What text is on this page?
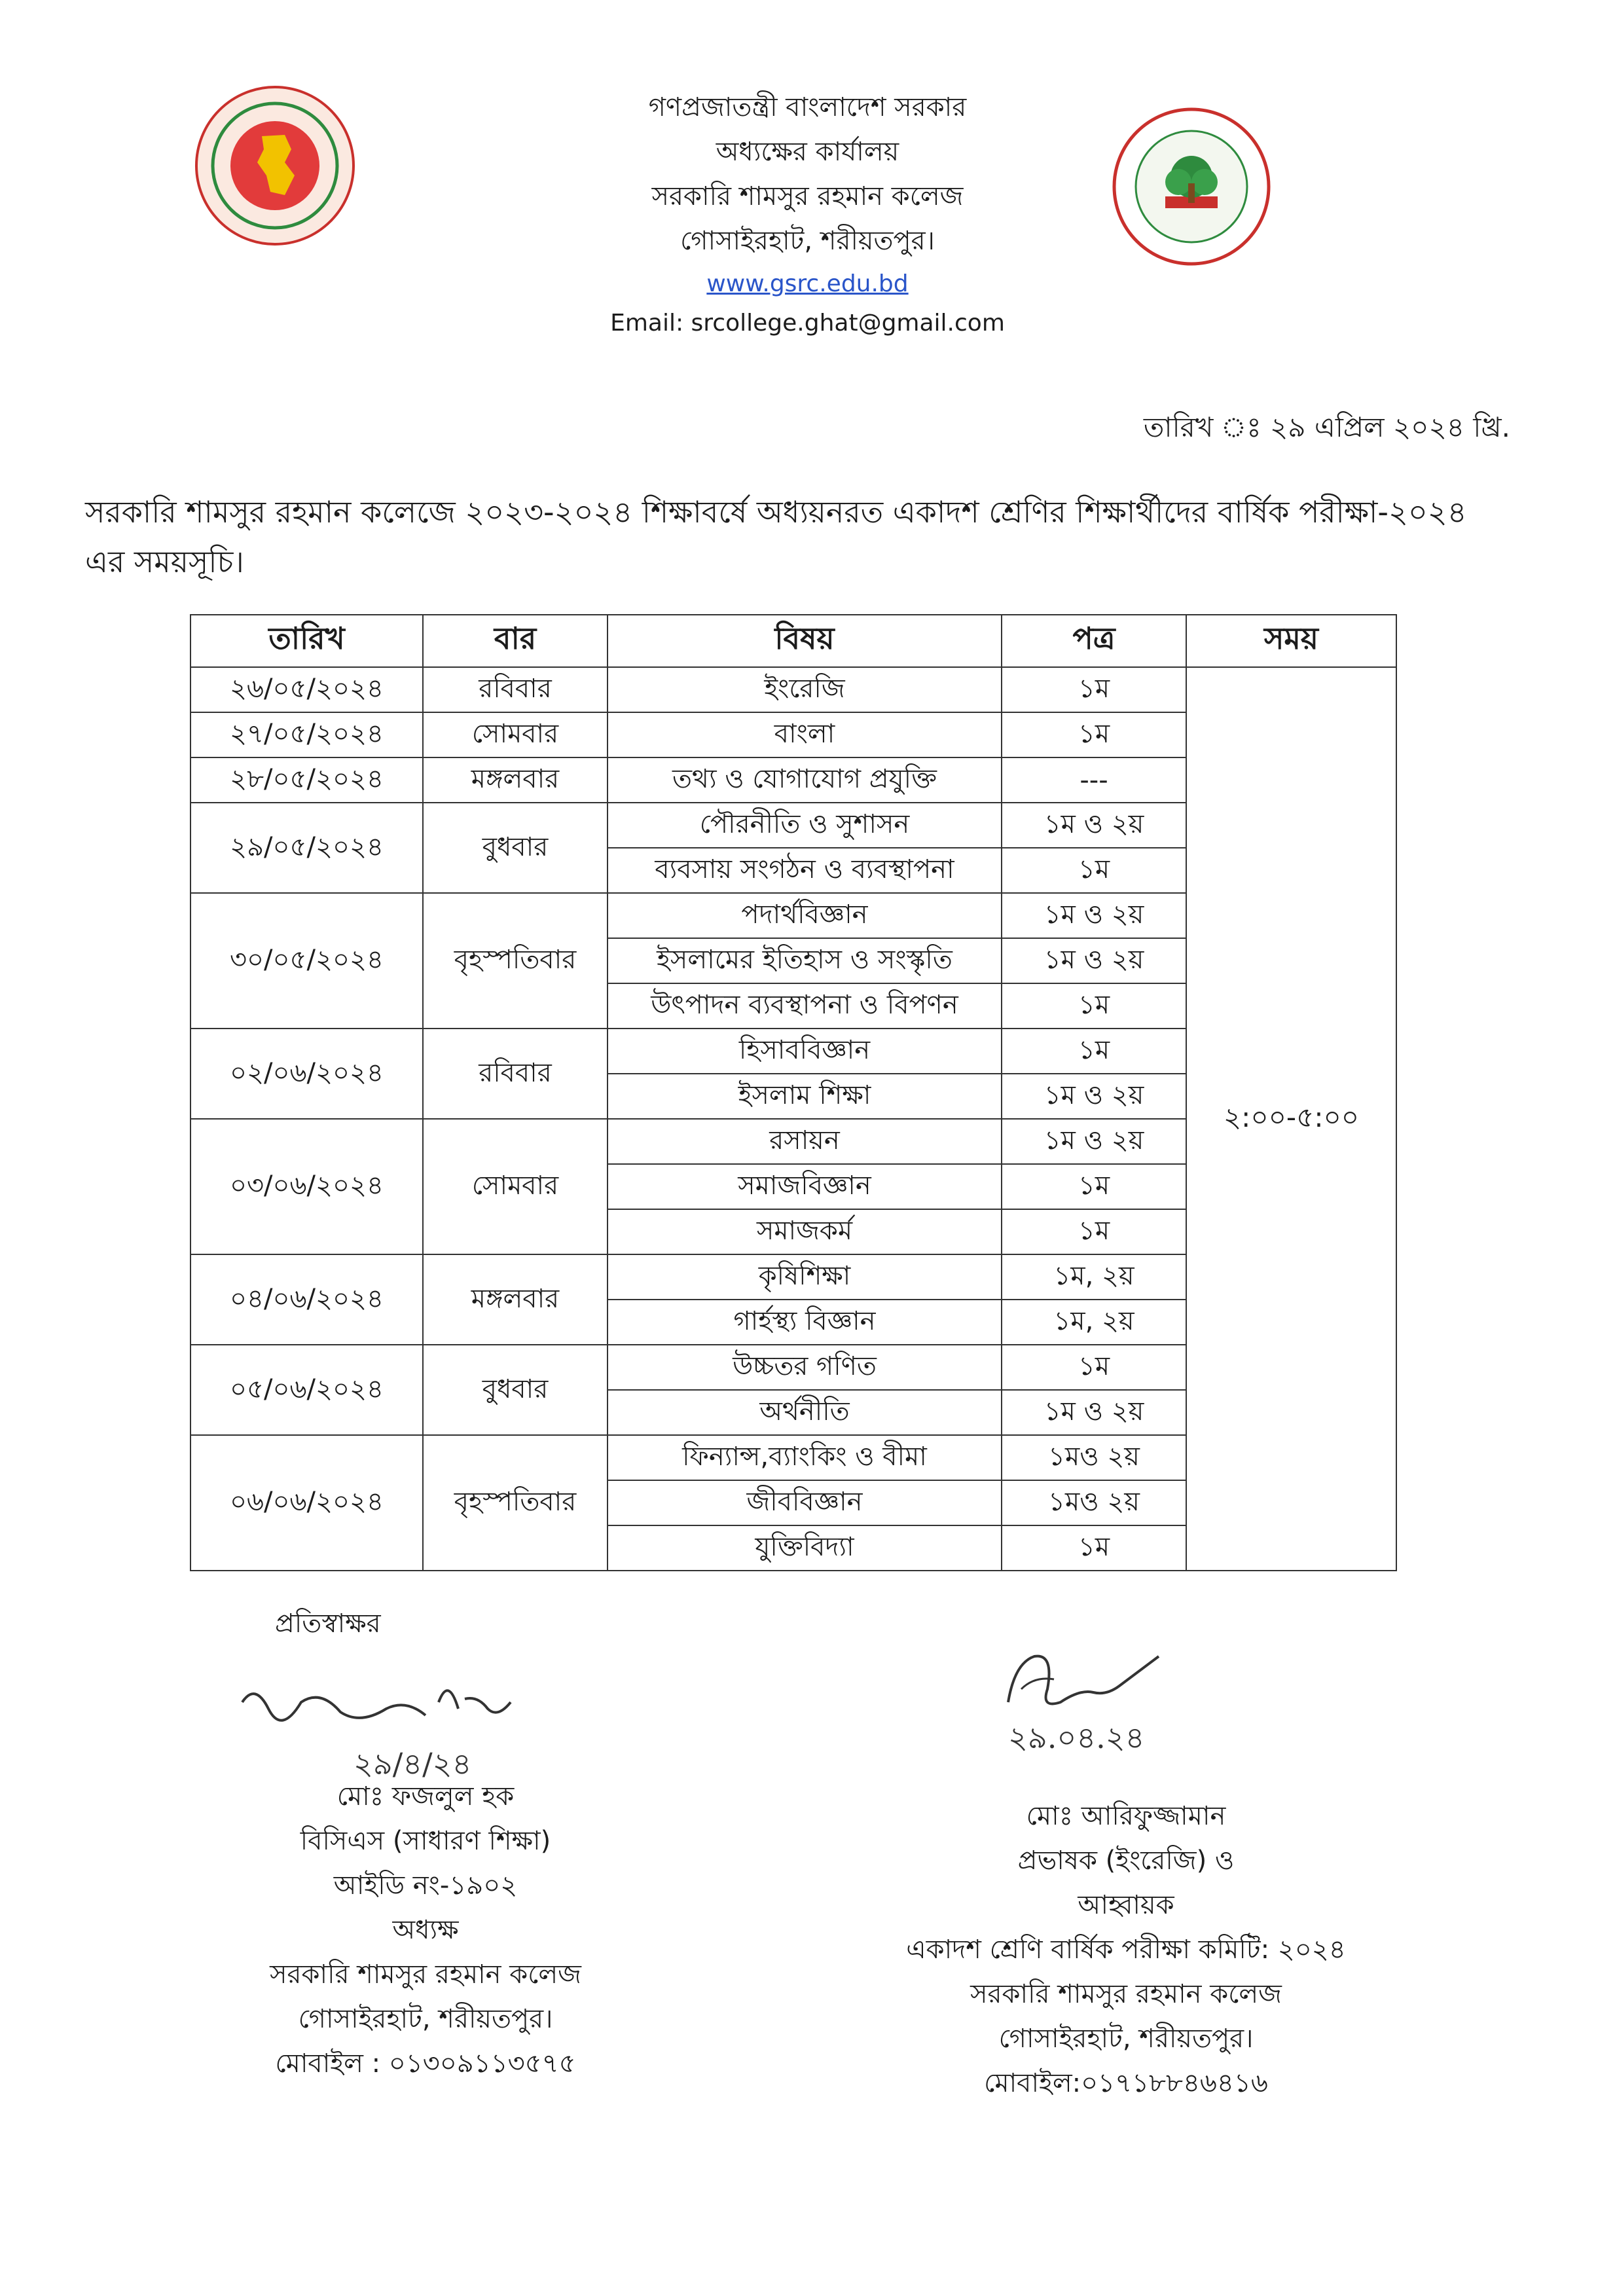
গণপ্রজাতন্ত্রী বাংলাদেশ সরকার
অধ্যক্ষের কার্যালয়
সরকারি শামসুর রহমান কলেজ
গোসাইরহাট, শরীয়তপুর।
www.gsrc.edu.bd
Email: srcollege.ghat@gmail.com
তারিখ ঃ ২৯ এপ্রিল ২০২৪ খ্রি.
সরকারি শামসুর রহমান কলেজে ২০২৩-২০২৪ শিক্ষাবর্ষে অধ্যয়নরত একাদশ শ্রেণির শিক্ষার্থীদের বার্ষিক পরীক্ষা-২০২৪ এর সময়সূচি।
তারিখ	বার	বিষয়	পত্র	সময়
২৬/০৫/২০২৪	রবিবার	ইংরেজি	১ম	২:০০-৫:০০
২৭/০৫/২০২৪	সোমবার	বাংলা	১ম	
২৮/০৫/২০২৪	মঙ্গলবার	তথ্য ও যোগাযোগ প্রযুক্তি	---	
২৯/০৫/২০২৪	বুধবার	পৌরনীতি ও সুশাসন	১ম ও ২য়	
		ব্যবসায় সংগঠন ও ব্যবস্থাপনা	১ম	
৩০/০৫/২০২৪	বৃহস্পতিবার	পদার্থবিজ্ঞান	১ম ও ২য়	
		ইসলামের ইতিহাস ও সংস্কৃতি	১ম ও ২য়	
		উৎপাদন ব্যবস্থাপনা ও বিপণন	১ম	
০২/০৬/২০২৪	রবিবার	হিসাববিজ্ঞান	১ম	
		ইসলাম শিক্ষা	১ম ও ২য়	
০৩/০৬/২০২৪	সোমবার	রসায়ন	১ম ও ২য়	
		সমাজবিজ্ঞান	১ম	
		সমাজকর্ম	১ম	
০৪/০৬/২০২৪	মঙ্গলবার	কৃষিশিক্ষা	১ম, ২য়	
		গার্হস্থ্য বিজ্ঞান	১ম, ২য়	
০৫/০৬/২০২৪	বুধবার	উচ্চতর গণিত	১ম	
		অর্থনীতি	১ম ও ২য়	
০৬/০৬/২০২৪	বৃহস্পতিবার	ফিন্যান্স,ব্যাংকিং ও বীমা	১মও ২য়	
		জীববিজ্ঞান	১মও ২য়	
		যুক্তিবিদ্যা	১ম	
প্রতিস্বাক্ষর
২৯/৪/২৪
২৯.০৪.২৪
মোঃ ফজলুল হক
বিসিএস (সাধারণ শিক্ষা)
আইডি নং-১৯০২
অধ্যক্ষ
সরকারি শামসুর রহমান কলেজ
গোসাইরহাট, শরীয়তপুর।
মোবাইল : ০১৩০৯১১৩৫৭৫
মোঃ আরিফুজ্জামান
প্রভাষক (ইংরেজি) ও
আহ্বায়ক
একাদশ শ্রেণি বার্ষিক পরীক্ষা কমিটি: ২০২৪
সরকারি শামসুর রহমান কলেজ
গোসাইরহাট, শরীয়তপুর।
মোবাইল:০১৭১৮৮৪৬৪১৬
